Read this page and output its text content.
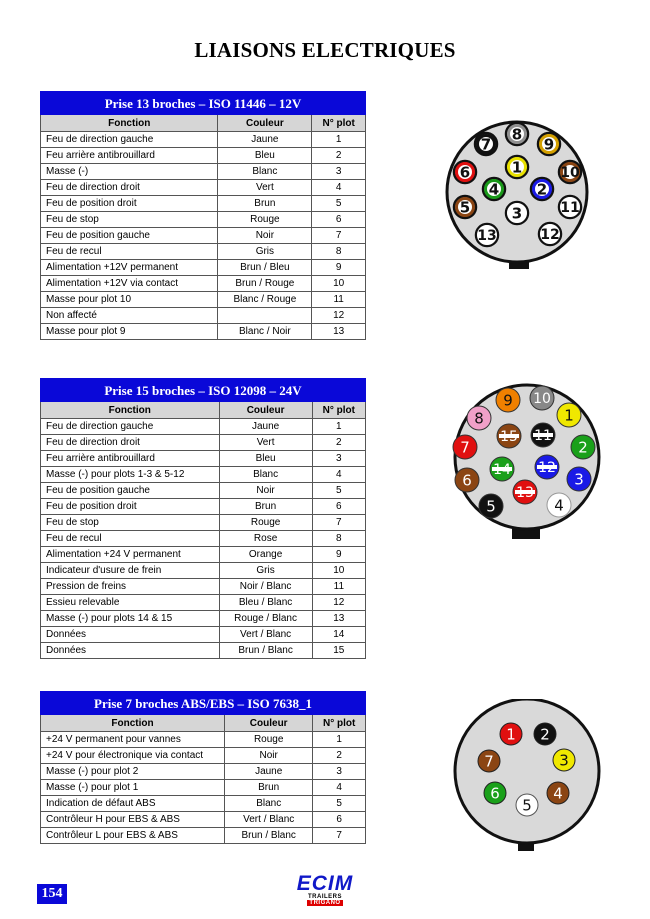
LIAISONS ELECTRIQUES
Prise 13 broches – ISO 11446 – 12V		
Fonction	Couleur	N° plot
Feu de direction gauche	Jaune	1
Feu arrière antibrouillard	Bleu	2
Masse (-)	Blanc	3
Feu de direction droit	Vert	4
Feu de position droit	Brun	5
Feu de stop	Rouge	6
Feu de position gauche	Noir	7
Feu de recul	Gris	8
Alimentation +12V permanent	Brun / Bleu	9
Alimentation +12V via contact	Brun / Rouge	10
Masse pour plot 10	Blanc / Rouge	11
Non affecté		12
Masse pour plot 9	Blanc / Noir	13
Prise 15 broches – ISO 12098 – 24V		
Fonction	Couleur	N° plot
Feu de direction gauche	Jaune	1
Feu de direction droit	Vert	2
Feu arrière antibrouillard	Bleu	3
Masse (-) pour plots 1-3 & 5-12	Blanc	4
Feu de position gauche	Noir	5
Feu de position droit	Brun	6
Feu de stop	Rouge	7
Feu de recul	Rose	8
Alimentation +24 V permanent	Orange	9
Indicateur d'usure de frein	Gris	10
Pression de freins	Noir / Blanc	11
Essieu relevable	Bleu / Blanc	12
Masse (-) pour plots 14 & 15	Rouge / Blanc	13
Données	Vert / Blanc	14
Données	Brun / Blanc	15
Prise 7 broches ABS/EBS – ISO 7638_1		
Fonction	Couleur	N° plot
+24 V permanent pour vannes	Rouge	1
+24 V pour électronique via contact	Noir	2
Masse (-) pour plot 2	Jaune	3
Masse (-) pour plot 1	Brun	4
Indication de défaut ABS	Blanc	5
Contrôleur H pour EBS & ABS	Vert / Blanc	6
Contrôleur L pour EBS & ABS	Brun / Blanc	7
1
2
3
4
5
6
7
8
9
10
11
12
13
1
2
3
4
5
6
7
8
9 10
11
12
13
14
15
1 2
3
4
5
6
7
154	ECIM
TRAILERS TRIGANO
